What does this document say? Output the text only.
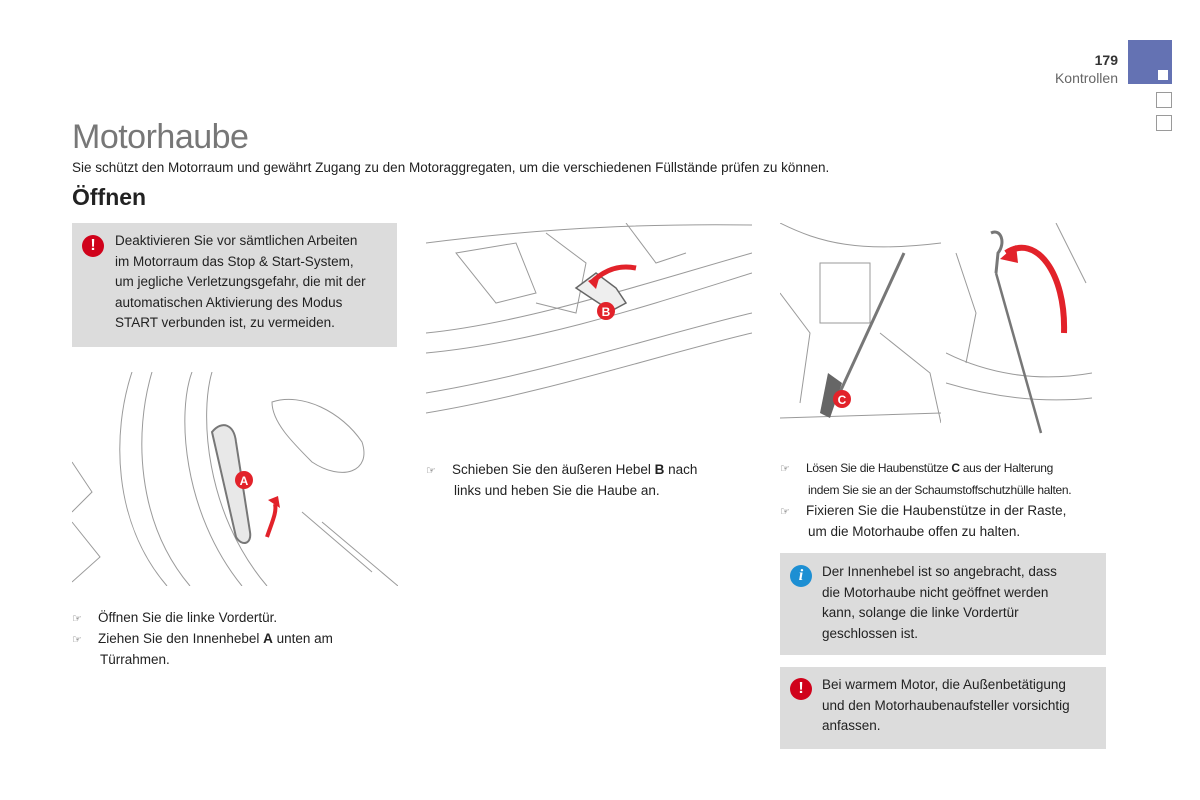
179
Kontrollen
Motorhaube
Sie schützt den Motorraum und gewährt Zugang zu den Motoraggregaten, um die verschiedenen Füllstände prüfen zu können.
Öffnen
!	Deaktivieren Sie vor sämtlichen Arbeiten
im Motorraum das Stop & Start-System,
um jegliche Verletzungsgefahr, die mit der
automatischen Aktivierung des Modus
START verbunden ist, zu vermeiden.
A
B
C
☞ Öffnen Sie die linke Vordertür.
☞ Ziehen Sie den Innenhebel A unten am
Türrahmen.
☞ Schieben Sie den äußeren Hebel B nach
links und heben Sie die Haube an.
☞ Lösen Sie die Haubenstütze C aus der Halterung
indem Sie sie an der Schaumstoffschutzhülle halten.
☞ Fixieren Sie die Haubenstütze in der Raste,
um die Motorhaube offen zu halten.
i	Der Innenhebel ist so angebracht, dass
die Motorhaube nicht geöffnet werden
kann, solange die linke Vordertür
geschlossen ist.
!	Bei warmem Motor, die Außenbetätigung
und den Motorhaubenaufsteller vorsichtig
anfassen.
